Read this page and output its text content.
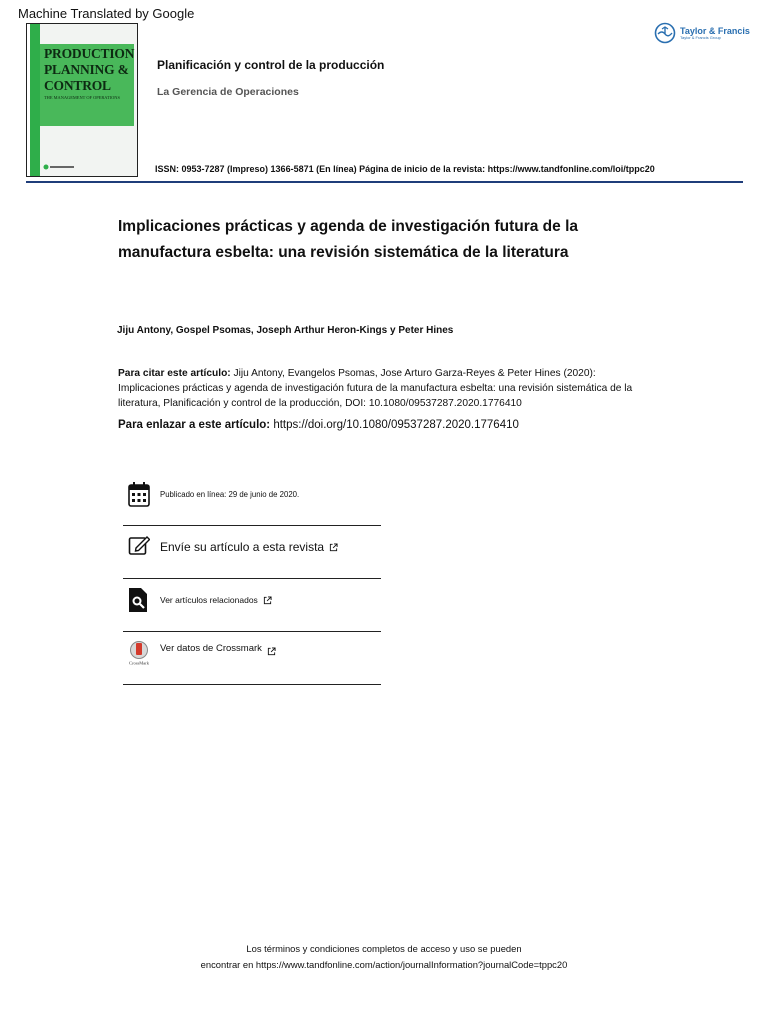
Machine Translated by Google
PRODUCTION
PLANNING &
CONTROL
THE MANAGEMENT OF OPERATIONS
Planificación y control de la producción
La Gerencia de Operaciones
ISSN: 0953-7287 (Impreso) 1366-5871 (En línea) Página de inicio de la revista: https://www.tandfonline.com/loi/tppc20
Taylor & Francis
Taylor & Francis Group
Implicaciones prácticas y agenda de investigación futura de la manufactura esbelta: una revisión sistemática de la literatura
Jiju Antony, Gospel Psomas, Joseph Arthur Heron-Kings y Peter Hines
Para citar este artículo: Jiju Antony, Evangelos Psomas, Jose Arturo Garza-Reyes & Peter Hines (2020): Implicaciones prácticas y agenda de investigación futura de la manufactura esbelta: una revisión sistemática de la literatura, Planificación y control de la producción, DOI: 10.1080/09537287.2020.1776410
Para enlazar a este artículo: https://doi.org/10.1080/09537287.2020.1776410
Publicado en línea: 29 de junio de 2020.
Envíe su artículo a esta revista
Ver artículos relacionados
CrossMark
Ver datos de Crossmark
Los términos y condiciones completos de acceso y uso se pueden
encontrar en https://www.tandfonline.com/action/journalInformation?journalCode=tppc20
